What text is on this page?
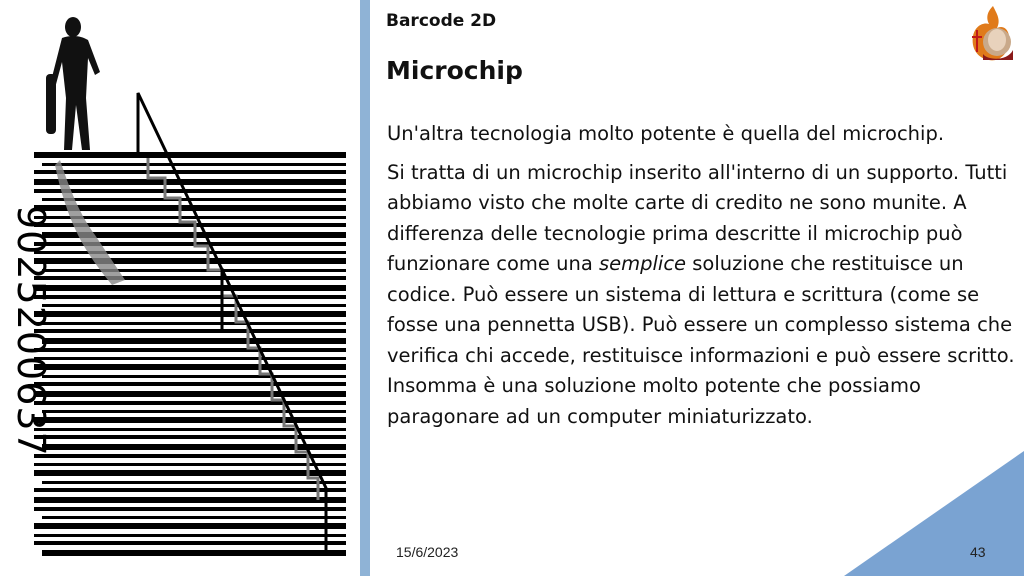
9025200637
Barcode 2D
Microchip

Un'altra tecnologia molto potente è quella del microchip.

Si tratta di un microchip inserito all'interno di un supporto. Tutti abbiamo visto che molte carte di credito ne sono munite. A differenza delle tecnologie prima descritte il microchip può funzionare come una semplice soluzione che restituisce un codice. Può essere un sistema di lettura e scrittura (come se fosse una pennetta USB). Può essere un complesso sistema che verifica chi accede, restituisce informazioni e può essere scritto. Insomma è una soluzione molto potente che possiamo paragonare ad un computer miniaturizzato.

15/6/2023	43
